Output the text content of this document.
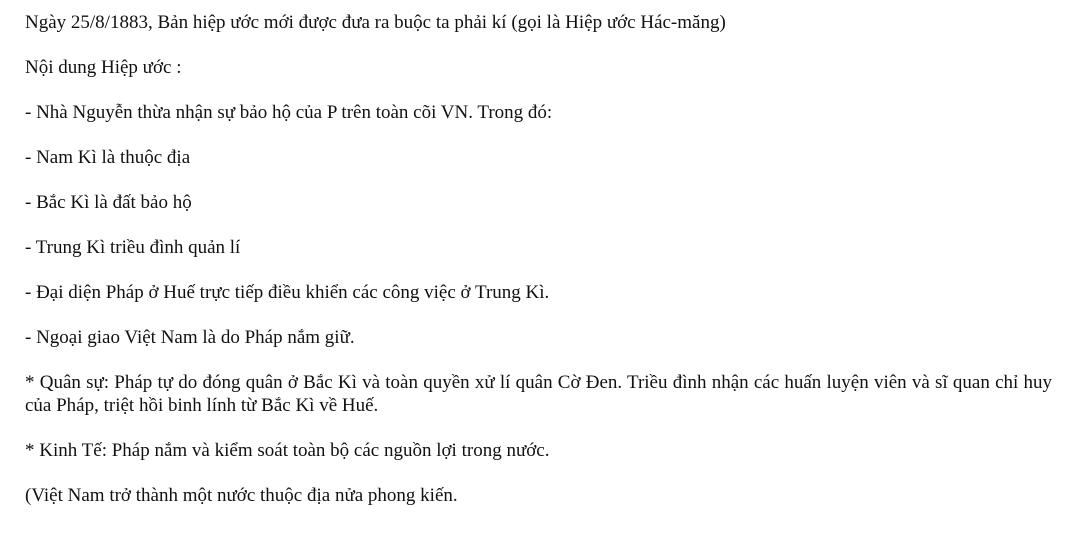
Ngày 25/8/1883, Bản hiệp ước mới được đưa ra buộc ta phải kí (gọi là Hiệp ước Hác-măng)

Nội dung Hiệp ước :

- Nhà Nguyễn thừa nhận sự bảo hộ của P trên toàn cõi VN. Trong đó:

- Nam Kì là thuộc địa

- Bắc Kì là đất bảo hộ

- Trung Kì triều đình quản lí

- Đại diện Pháp ở Huế trực tiếp điều khiển các công việc ở Trung Kì.

- Ngoại giao Việt Nam là do Pháp nắm giữ.

* Quân sự: Pháp tự do đóng quân ở Bắc Kì và toàn quyền xử lí quân Cờ Đen. Triều đình nhận các huấn luyện viên và sĩ quan chỉ huy của Pháp, triệt hồi binh lính từ Bắc Kì về Huế.

* Kinh Tế: Pháp nắm và kiểm soát toàn bộ các nguồn lợi trong nước.

(Việt Nam trở thành một nước thuộc địa nửa phong kiến.
